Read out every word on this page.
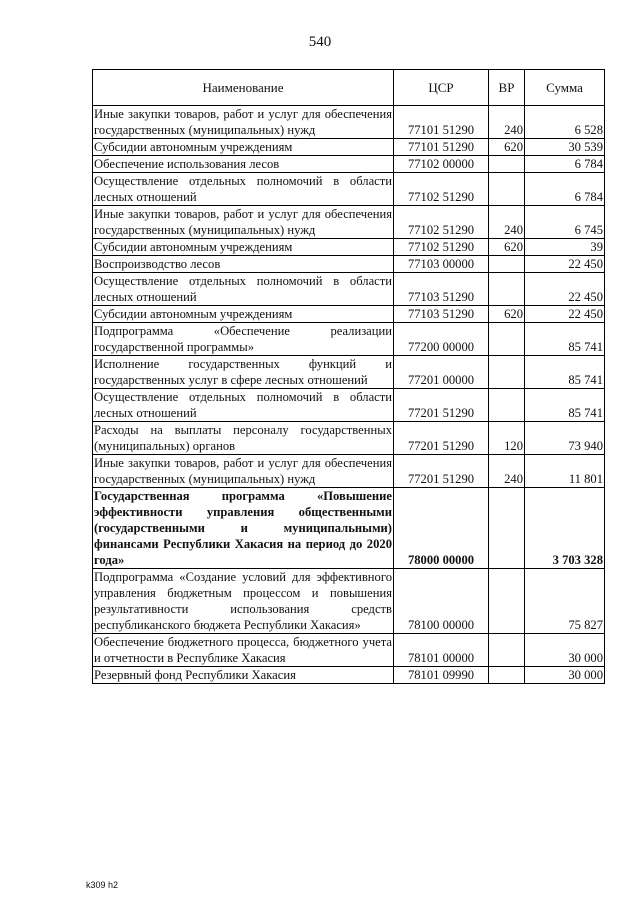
540
Наименование	ЦСР	ВР	Сумма
Иные закупки товаров, работ и услуг для обеспечения государственных (муниципальных) нужд	77101 51290	240	6 528
Субсидии автономным учреждениям	77101 51290	620	30 539
Обеспечение использования лесов	77102 00000		6 784
Осуществление отдельных полномочий в области лесных отношений	77102 51290		6 784
Иные закупки товаров, работ и услуг для обеспечения государственных (муниципальных) нужд	77102 51290	240	6 745
Субсидии автономным учреждениям	77102 51290	620	39
Воспроизводство лесов	77103 00000		22 450
Осуществление отдельных полномочий в области лесных отношений	77103 51290		22 450
Субсидии автономным учреждениям	77103 51290	620	22 450
Подпрограмма «Обеспечение реализации государственной программы»	77200 00000		85 741
Исполнение государственных функций и государственных услуг в сфере лесных отношений	77201 00000		85 741
Осуществление отдельных полномочий в области лесных отношений	77201 51290		85 741
Расходы на выплаты персоналу государственных (муниципальных) органов	77201 51290	120	73 940
Иные закупки товаров, работ и услуг для обеспечения государственных (муниципальных) нужд	77201 51290	240	11 801
Государственная программа «Повышение эффективности управления общественными (государственными и муниципальными) финансами Республики Хакасия на период до 2020 года»	78000 00000		3 703 328
Подпрограмма «Создание условий для эффективного управления бюджетным процессом и повышения результативности использования средств республиканского бюджета Республики Хакасия»	78100 00000		75 827
Обеспечение бюджетного процесса, бюджетного учета и отчетности в Республике Хакасия	78101 00000		30 000
Резервный фонд Республики Хакасия	78101 09990		30 000
k309 h2
